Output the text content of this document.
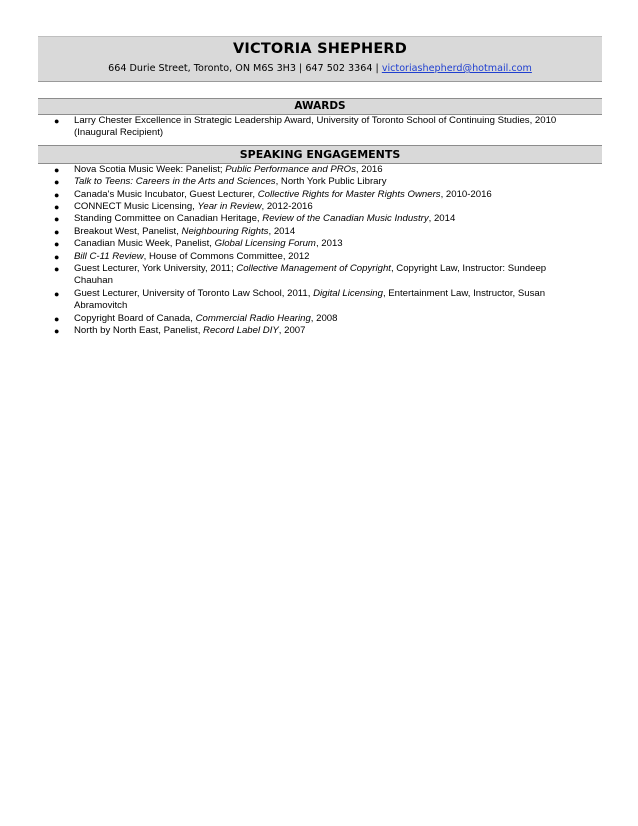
VICTORIA SHEPHERD
664 Durie Street, Toronto, ON M6S 3H3 | 647 502 3364 | victoriashepherd@hotmail.com
AWARDS
● Larry Chester Excellence in Strategic Leadership Award, University of Toronto School of Continuing Studies, 2010
(Inaugural Recipient)
SPEAKING ENGAGEMENTS
● Nova Scotia Music Week: Panelist; Public Performance and PROs, 2016
● Talk to Teens: Careers in the Arts and Sciences, North York Public Library
● Canada's Music Incubator, Guest Lecturer, Collective Rights for Master Rights Owners, 2010-2016
● CONNECT Music Licensing, Year in Review, 2012-2016
● Standing Committee on Canadian Heritage, Review of the Canadian Music Industry, 2014
● Breakout West, Panelist, Neighbouring Rights, 2014
● Canadian Music Week, Panelist, Global Licensing Forum, 2013
● Bill C-11 Review, House of Commons Committee, 2012
● Guest Lecturer, York University, 2011; Collective Management of Copyright, Copyright Law, Instructor: Sundeep
Chauhan
● Guest Lecturer, University of Toronto Law School, 2011, Digital Licensing, Entertainment Law, Instructor, Susan
Abramovitch
● Copyright Board of Canada, Commercial Radio Hearing, 2008
● North by North East, Panelist, Record Label DIY, 2007
